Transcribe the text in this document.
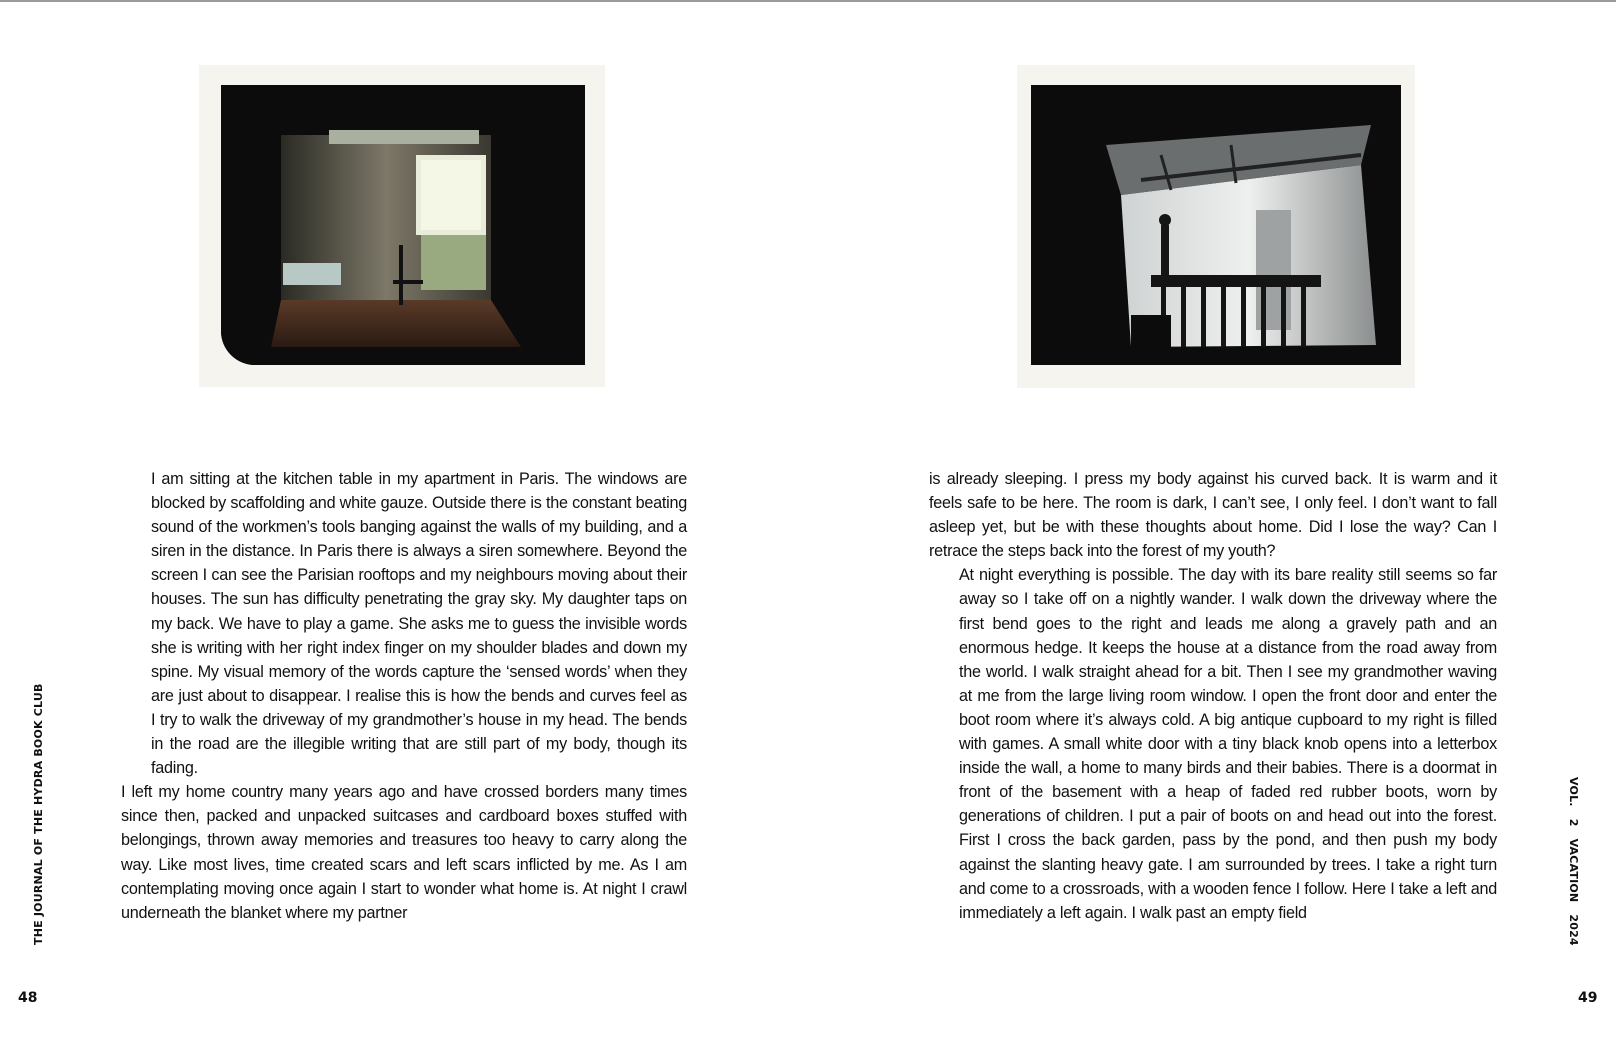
I am sitting at the kitchen table in my apartment in Paris. The windows are blocked by scaffolding and white gauze. Outside there is the constant beating sound of the workmen’s tools banging against the walls of my building, and a siren in the distance. In Paris there is always a siren somewhere. Beyond the screen I can see the Parisian rooftops and my neighbours moving about their houses. The sun has difficulty penetrating the gray sky. My daughter taps on my back. We have to play a game. She asks me to guess the invisible words she is writing with her right index finger on my shoulder blades and down my spine. My visual memory of the words capture the ‘sensed words’ when they are just about to disappear. I realise this is how the bends and curves feel as I try to walk the driveway of my grandmother’s house in my head. The bends in the road are the illegible writing that are still part of my body, though its fading.

I left my home country many years ago and have crossed borders many times since then, packed and unpacked suitcases and cardboard boxes stuffed with belongings, thrown away memories and treasures too heavy to carry along the way. Like most lives, time created scars and left scars inflicted by me. As I am contemplating moving once again I start to wonder what home is. At night I crawl underneath the blanket where my partner

is already sleeping. I press my body against his curved back. It is warm and it feels safe to be here. The room is dark, I can’t see, I only feel. I don’t want to fall asleep yet, but be with these thoughts about home. Did I lose the way? Can I retrace the steps back into the forest of my youth?

At night everything is possible. The day with its bare reality still seems so far away so I take off on a nightly wander. I walk down the driveway where the first bend goes to the right and leads me along a gravely path and an enormous hedge. It keeps the house at a distance from the road away from the world. I walk straight ahead for a bit. Then I see my grandmother waving at me from the large living room window. I open the front door and enter the boot room where it’s always cold. A big antique cupboard to my right is filled with games. A small white door with a tiny black knob opens into a letterbox inside the wall, a home to many birds and their babies. There is a doormat in front of the basement with a heap of faded red rubber boots, worn by generations of children. I put a pair of boots on and head out into the forest. First I cross the back garden, pass by the pond, and then push my body against the slanting heavy gate. I am surrounded by trees. I take a right turn and come to a crossroads, with a wooden fence I follow. Here I take a left and immediately a left again. I walk past an empty field

THE JOURNAL OF THE HYDRA BOOK CLUB	VOL. 2 VACATION 2024
48	49
